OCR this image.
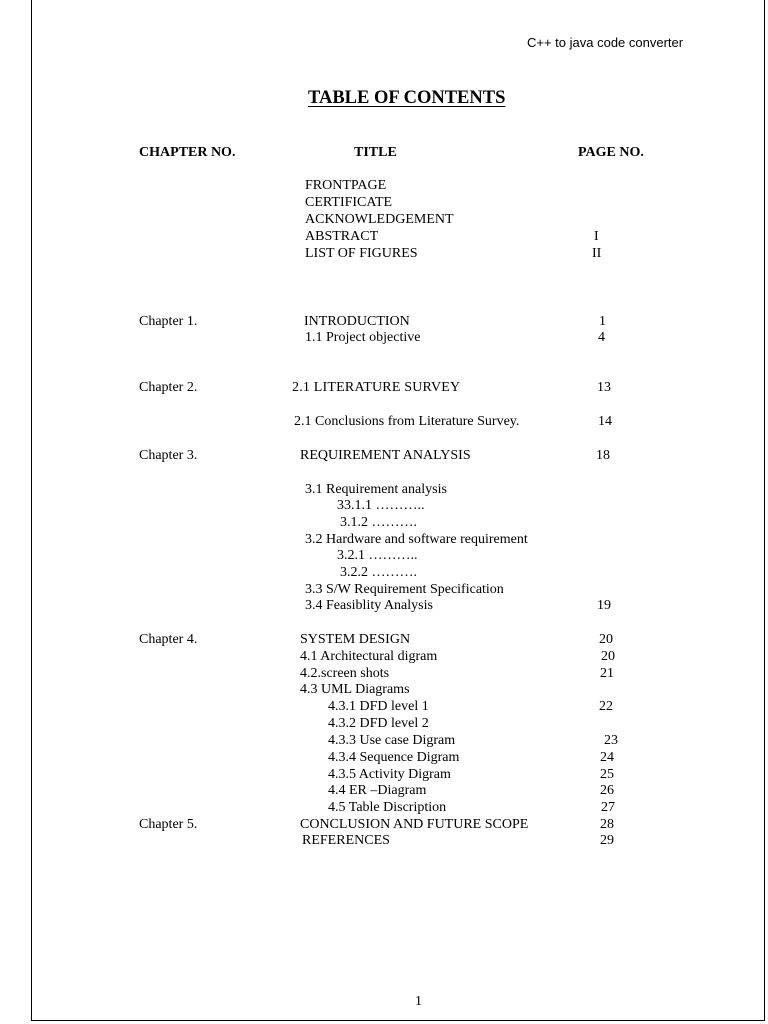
C++ to java code converter
TABLE OF CONTENTS
CHAPTER NO.	TITLE	PAGE NO.
FRONTPAGE
CERTIFICATE
ACKNOWLEDGEMENT
ABSTRACT	I
LIST OF FIGURES	II
Chapter 1.	INTRODUCTION	1
1.1 Project objective	4
Chapter 2.	2.1 LITERATURE SURVEY	13
2.1 Conclusions from Literature Survey.	14
Chapter 3.	REQUIREMENT ANALYSIS	18
3.1 Requirement analysis
33.1.1 ………..
3.1.2 ……….
3.2 Hardware and software requirement
3.2.1 ………..
3.2.2 ……….
3.3 S/W Requirement Specification
3.4 Feasiblity Analysis	19
Chapter 4.	SYSTEM DESIGN	20
4.1 Architectural digram	20
4.2.screen shots	21
4.3 UML Diagrams
4.3.1 DFD level 1	22
4.3.2 DFD level 2
4.3.3 Use case Digram	23
4.3.4 Sequence Digram	24
4.3.5 Activity Digram	25
4.4 ER –Diagram	26
4.5 Table Discription	27
Chapter 5.	CONCLUSION AND FUTURE SCOPE	28
REFERENCES	29
1
